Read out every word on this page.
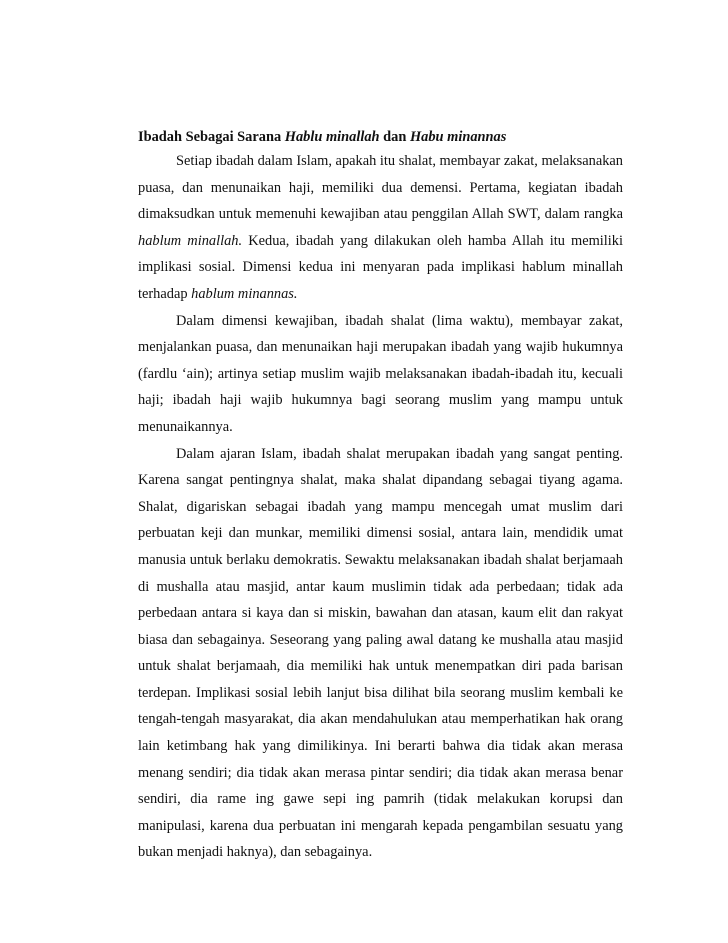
Ibadah Sebagai Sarana Hablu minallah dan Habu minannas

Setiap ibadah dalam Islam, apakah itu shalat, membayar zakat, melaksanakan puasa, dan menunaikan haji, memiliki dua demensi. Pertama, kegiatan ibadah dimaksudkan untuk memenuhi kewajiban atau penggilan Allah SWT, dalam rangka hablum minallah. Kedua, ibadah yang dilakukan oleh hamba Allah itu memiliki implikasi sosial. Dimensi kedua ini menyaran pada implikasi hablum minallah terhadap hablum minannas.

Dalam dimensi kewajiban, ibadah shalat (lima waktu), membayar zakat, menjalankan puasa, dan menunaikan haji merupakan ibadah yang wajib hukumnya (fardlu ‘ain); artinya setiap muslim wajib melaksanakan ibadah-ibadah itu, kecuali haji; ibadah haji wajib hukumnya bagi seorang muslim yang mampu untuk menunaikannya.

Dalam ajaran Islam, ibadah shalat merupakan ibadah yang sangat penting. Karena sangat pentingnya shalat, maka shalat dipandang sebagai tiyang agama. Shalat, digariskan sebagai ibadah yang mampu mencegah umat muslim dari perbuatan keji dan munkar, memiliki dimensi sosial, antara lain, mendidik umat manusia untuk berlaku demokratis. Sewaktu melaksanakan ibadah shalat berjamaah di mushalla atau masjid, antar kaum muslimin tidak ada perbedaan; tidak ada perbedaan antara si kaya dan si miskin, bawahan dan atasan, kaum elit dan rakyat biasa dan sebagainya. Seseorang yang paling awal datang ke mushalla atau masjid untuk shalat berjamaah, dia memiliki hak untuk menempatkan diri pada barisan terdepan. Implikasi sosial lebih lanjut bisa dilihat bila seorang muslim kembali ke tengah-tengah masyarakat, dia akan mendahulukan atau memperhatikan hak orang lain ketimbang hak yang dimilikinya. Ini berarti bahwa dia tidak akan merasa menang sendiri; dia tidak akan merasa pintar sendiri; dia tidak akan merasa benar sendiri, dia rame ing gawe sepi ing pamrih (tidak melakukan korupsi dan manipulasi, karena dua perbuatan ini mengarah kepada pengambilan sesuatu yang bukan menjadi haknya), dan sebagainya.
